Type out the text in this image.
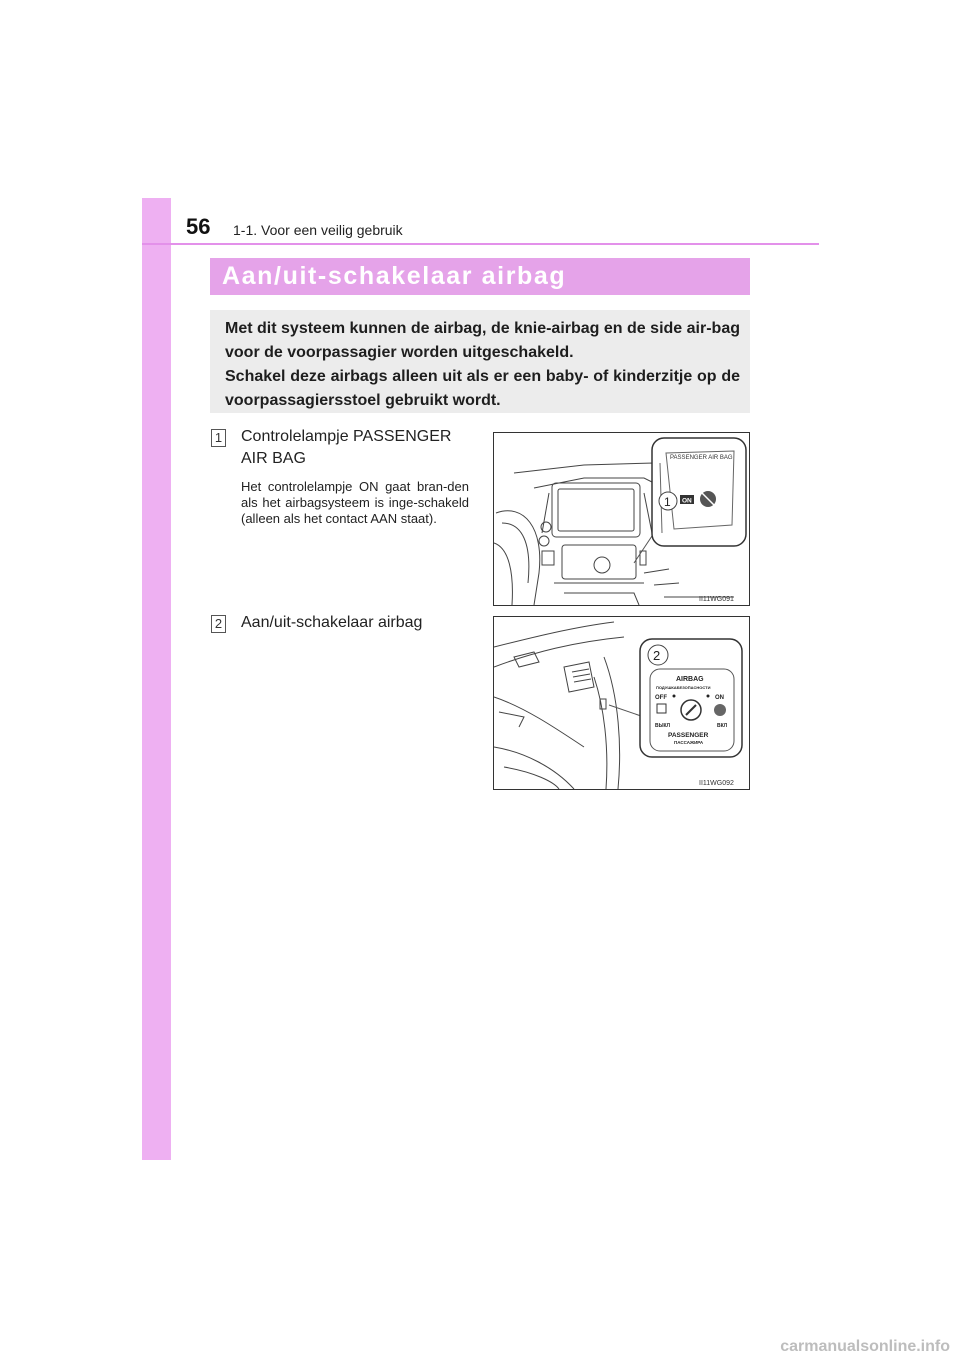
56 1-1. Voor een veilig gebruik
Aan/uit-schakelaar airbag

Met dit systeem kunnen de airbag, de knie-airbag en de side air-bag voor de voorpassagier worden uitgeschakeld.

Schakel deze airbags alleen uit als er een baby- of kinderzitje op de voorpassagiersstoel gebruikt wordt.

1 Controlelampje PASSENGER AIR BAG

Het controlelampje ON gaat bran-den als het airbagsysteem is inge-schakeld (alleen als het contact AAN staat).

2 Aan/uit-schakelaar airbag

PASSENGER AIR BAG
1 ON
II11WG091
2
AIRBAG
ПОДУШКАБЕЗОПАСНОСТИ
OFF	ON
ВЫКЛ	ВКЛ
PASSENGER
ПАССАЖИРА
II11WG092
carmanualsonline.info
